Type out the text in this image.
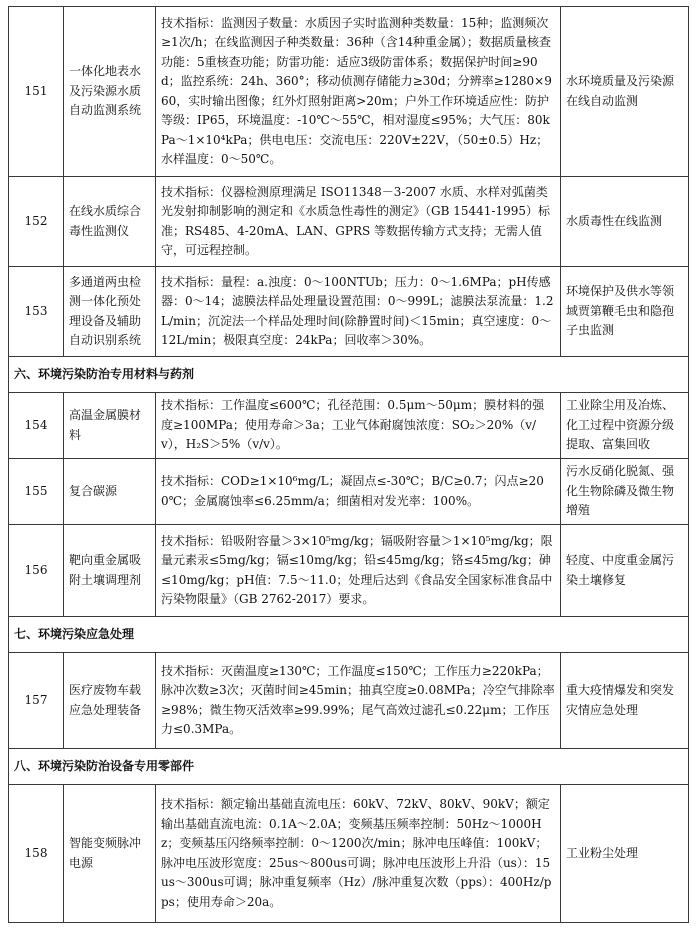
151	一体化地表水及污染源水质自动监测系统	技术指标：监测因子数量：水质因子实时监测种类数量：15种；监测频次≥1次/h；在线监测因子种类数量：36种（含14种重金属）；数据质量核查功能：5重核查功能；防雷功能：适应3级防雷体系；数据保护时间≥90d；监控系统：24h、360°；移动侦测存储能力≥30d；分辨率≥1280×960，实时输出图像；红外灯照射距离>20m；户外工作环境适应性：防护等级：IP65，环境温度：-10℃～55℃，相对湿度≤95%；大气压：80kPa～1×10⁴kPa；供电电压：交流电压：220V±22V，（50±0.5）Hz；水样温度：0～50℃。	水环境质量及污染源在线自动监测
152	在线水质综合毒性监测仪	技术指标：仪器检测原理满足 ISO11348－3-2007 水质、水样对弧菌类光发射抑制影响的测定和《水质急性毒性的测定》（GB 15441-1995）标准；RS485、4-20mA、LAN、GPRS 等数据传输方式支持；无需人值守，可远程控制。	水质毒性在线监测
153	多通道两虫检测一体化预处理设备及辅助自动识别系统	技术指标：量程：a.浊度：0～100NTUb；压力：0～1.6MPa；pH传感器：0～14；滤膜法样品处理量设置范围：0～999L；滤膜法泵流量：1.2L/min；沉淀法一个样品处理时间(除静置时间)＜15min；真空速度：0～12L/min；极限真空度：24kPa；回收率＞30%。	环境保护及供水等领域贾第鞭毛虫和隐孢子虫监测
六、环境污染防治专用材料与药剂			
154	高温金属膜材料	技术指标：工作温度≤600℃；孔径范围：0.5μm～50μm；膜材料的强度≥100MPa；使用寿命＞3a；工业气体耐腐蚀浓度：SO₂＞20%（v/v），H₂S＞5%（v/v）。	工业除尘用及冶炼、化工过程中资源分级提取、富集回收
155	复合碳源	技术指标：COD≥1×10⁶mg/L；凝固点≤-30℃；B/C≥0.7；闪点≥200℃；金属腐蚀率≤6.25mm/a；细菌相对发光率：100%。	污水反硝化脱氮、强化生物除磷及微生物增殖
156	靶向重金属吸附土壤调理剂	技术指标：铅吸附容量＞3×10⁵mg/kg；镉吸附容量＞1×10⁵mg/kg；限量元素汞≤5mg/kg；镉≤10mg/kg；铅≤45mg/kg；铬≤45mg/kg；砷≤10mg/kg；pH值：7.5～11.0；处理后达到《食品安全国家标准食品中污染物限量》（GB 2762-2017）要求。	轻度、中度重金属污染土壤修复
七、环境污染应急处理			
157	医疗废物车载应急处理装备	技术指标：灭菌温度≥130℃；工作温度≤150℃；工作压力≥220kPa；脉冲次数≥3次；灭菌时间≥45min；抽真空度≥0.08MPa；冷空气排除率≥98%；微生物灭活效率≥99.99%；尾气高效过滤孔≤0.22μm；工作压力≤0.3MPa。	重大疫情爆发和突发灾情应急处理
八、环境污染防治设备专用零部件			
158	智能变频脉冲电源	技术指标：额定输出基础直流电压：60kV、72kV、80kV、90kV；额定输出基础直流电流：0.1A～2.0A；变频基压频率控制：50Hz～1000Hz；变频基压闪络频率控制：0～1200次/min；脉冲电压峰值：100kV；脉冲电压波形宽度：25us～800us可调；脉冲电压波形上升沿（us）：15us～300us可调；脉冲重复频率（Hz）/脉冲重复次数（pps）：400Hz/pps；使用寿命＞20a。	工业粉尘处理
